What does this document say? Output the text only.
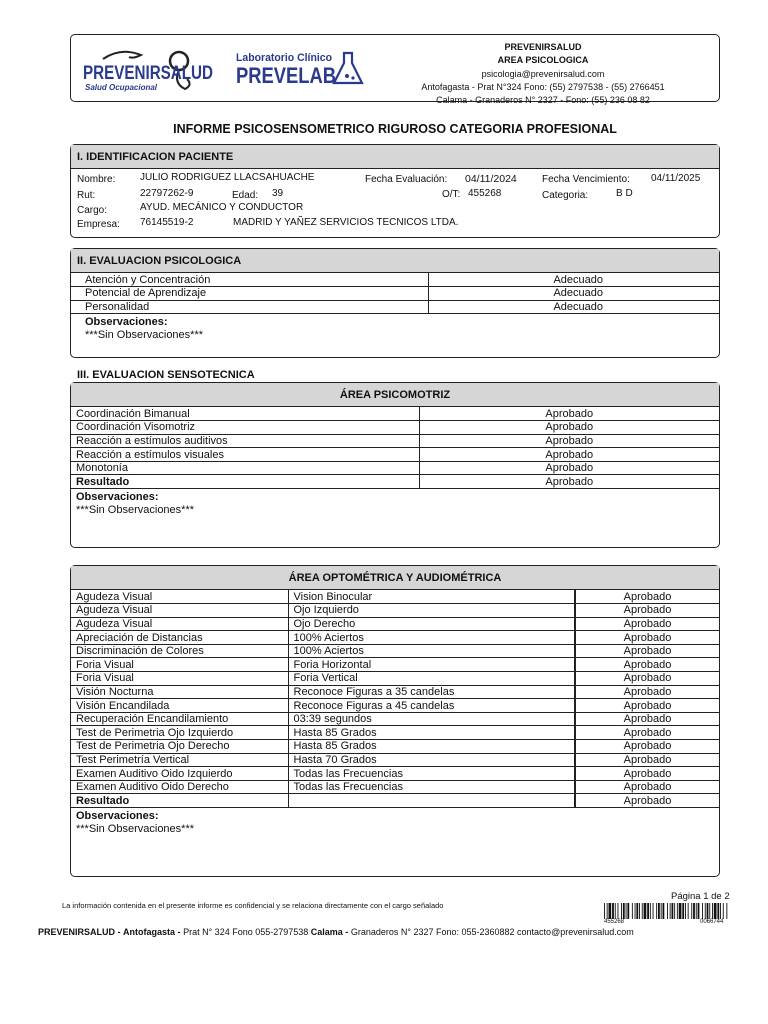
PREVENIRSALUD
Salud Ocupacional
Laboratorio Clínico
PREVELAB
PREVENIRSALUD
AREA PSICOLOGICA
psicologia@prevenirsalud.com
Antofagasta - Prat N°324 Fono: (55) 2797538 - (55) 2766451
Calama - Granaderos N° 2327 - Fono: (55) 236 08 82
INFORME PSICOSENSOMETRICO RIGUROSO CATEGORIA PROFESIONAL
I. IDENTIFICACION PACIENTE
Nombre: JULIO RODRIGUEZ LLACSAHUACHE	Fecha Evaluación: 04/11/2024	Fecha Vencimiento: 04/11/2025
Rut:	22797262-9	Edad: 39	O/T: 455268	Categoria:	B D
Cargo:	AYUD. MECÁNICO Y CONDUCTOR
Empresa: 76145519-2	MADRID Y YAÑEZ SERVICIOS TECNICOS LTDA.
II. EVALUACION PSICOLOGICA
Atención y Concentración	Adecuado
Potencial de Aprendizaje	Adecuado
Personalidad	Adecuado
Observaciones:
***Sin Observaciones***
III. EVALUACION SENSOTECNICA
ÁREA PSICOMOTRIZ
Coordinación Bimanual	Aprobado
Coordinación Visomotriz	Aprobado
Reacción a estímulos auditivos	Aprobado
Reacción a estímulos visuales	Aprobado
Monotonía	Aprobado
Resultado	Aprobado
Observaciones:
***Sin Observaciones***
ÁREA OPTOMÉTRICA Y AUDIOMÉTRICA
Agudeza Visual	Vision Binocular	Aprobado
Agudeza Visual	Ojo Izquierdo	Aprobado
Agudeza Visual	Ojo Derecho	Aprobado
Apreciación de Distancias	100% Aciertos	Aprobado
Discriminación de Colores	100% Aciertos	Aprobado
Foria Visual	Foria Horizontal	Aprobado
Foria Visual	Foria Vertical	Aprobado
Visión Nocturna	Reconoce Figuras a 35 candelas	Aprobado
Visión Encandilada	Reconoce Figuras a 45 candelas	Aprobado
Recuperación Encandilamiento	03:39 segundos	Aprobado
Test de Perimetria Ojo Izquierdo	Hasta 85 Grados	Aprobado
Test de Perimetria Ojo Derecho	Hasta 85 Grados	Aprobado
Test Perimetría Vertical	Hasta 70 Grados	Aprobado
Examen Auditivo Oido Izquierdo	Todas las Frecuencias	Aprobado
Examen Auditivo Oido Derecho	Todas las Frecuencias	Aprobado
Resultado		Aprobado
Observaciones:
***Sin Observaciones***
La información contenida en el presente informe es confidencial y se relaciona directamente con el cargo señalado
Página 1 de 2
455268	0066744
PREVENIRSALUD - Antofagasta - Prat N° 324 Fono 055-2797538 Calama - Granaderos N° 2327 Fono: 055-2360882 contacto@prevenirsalud.com
